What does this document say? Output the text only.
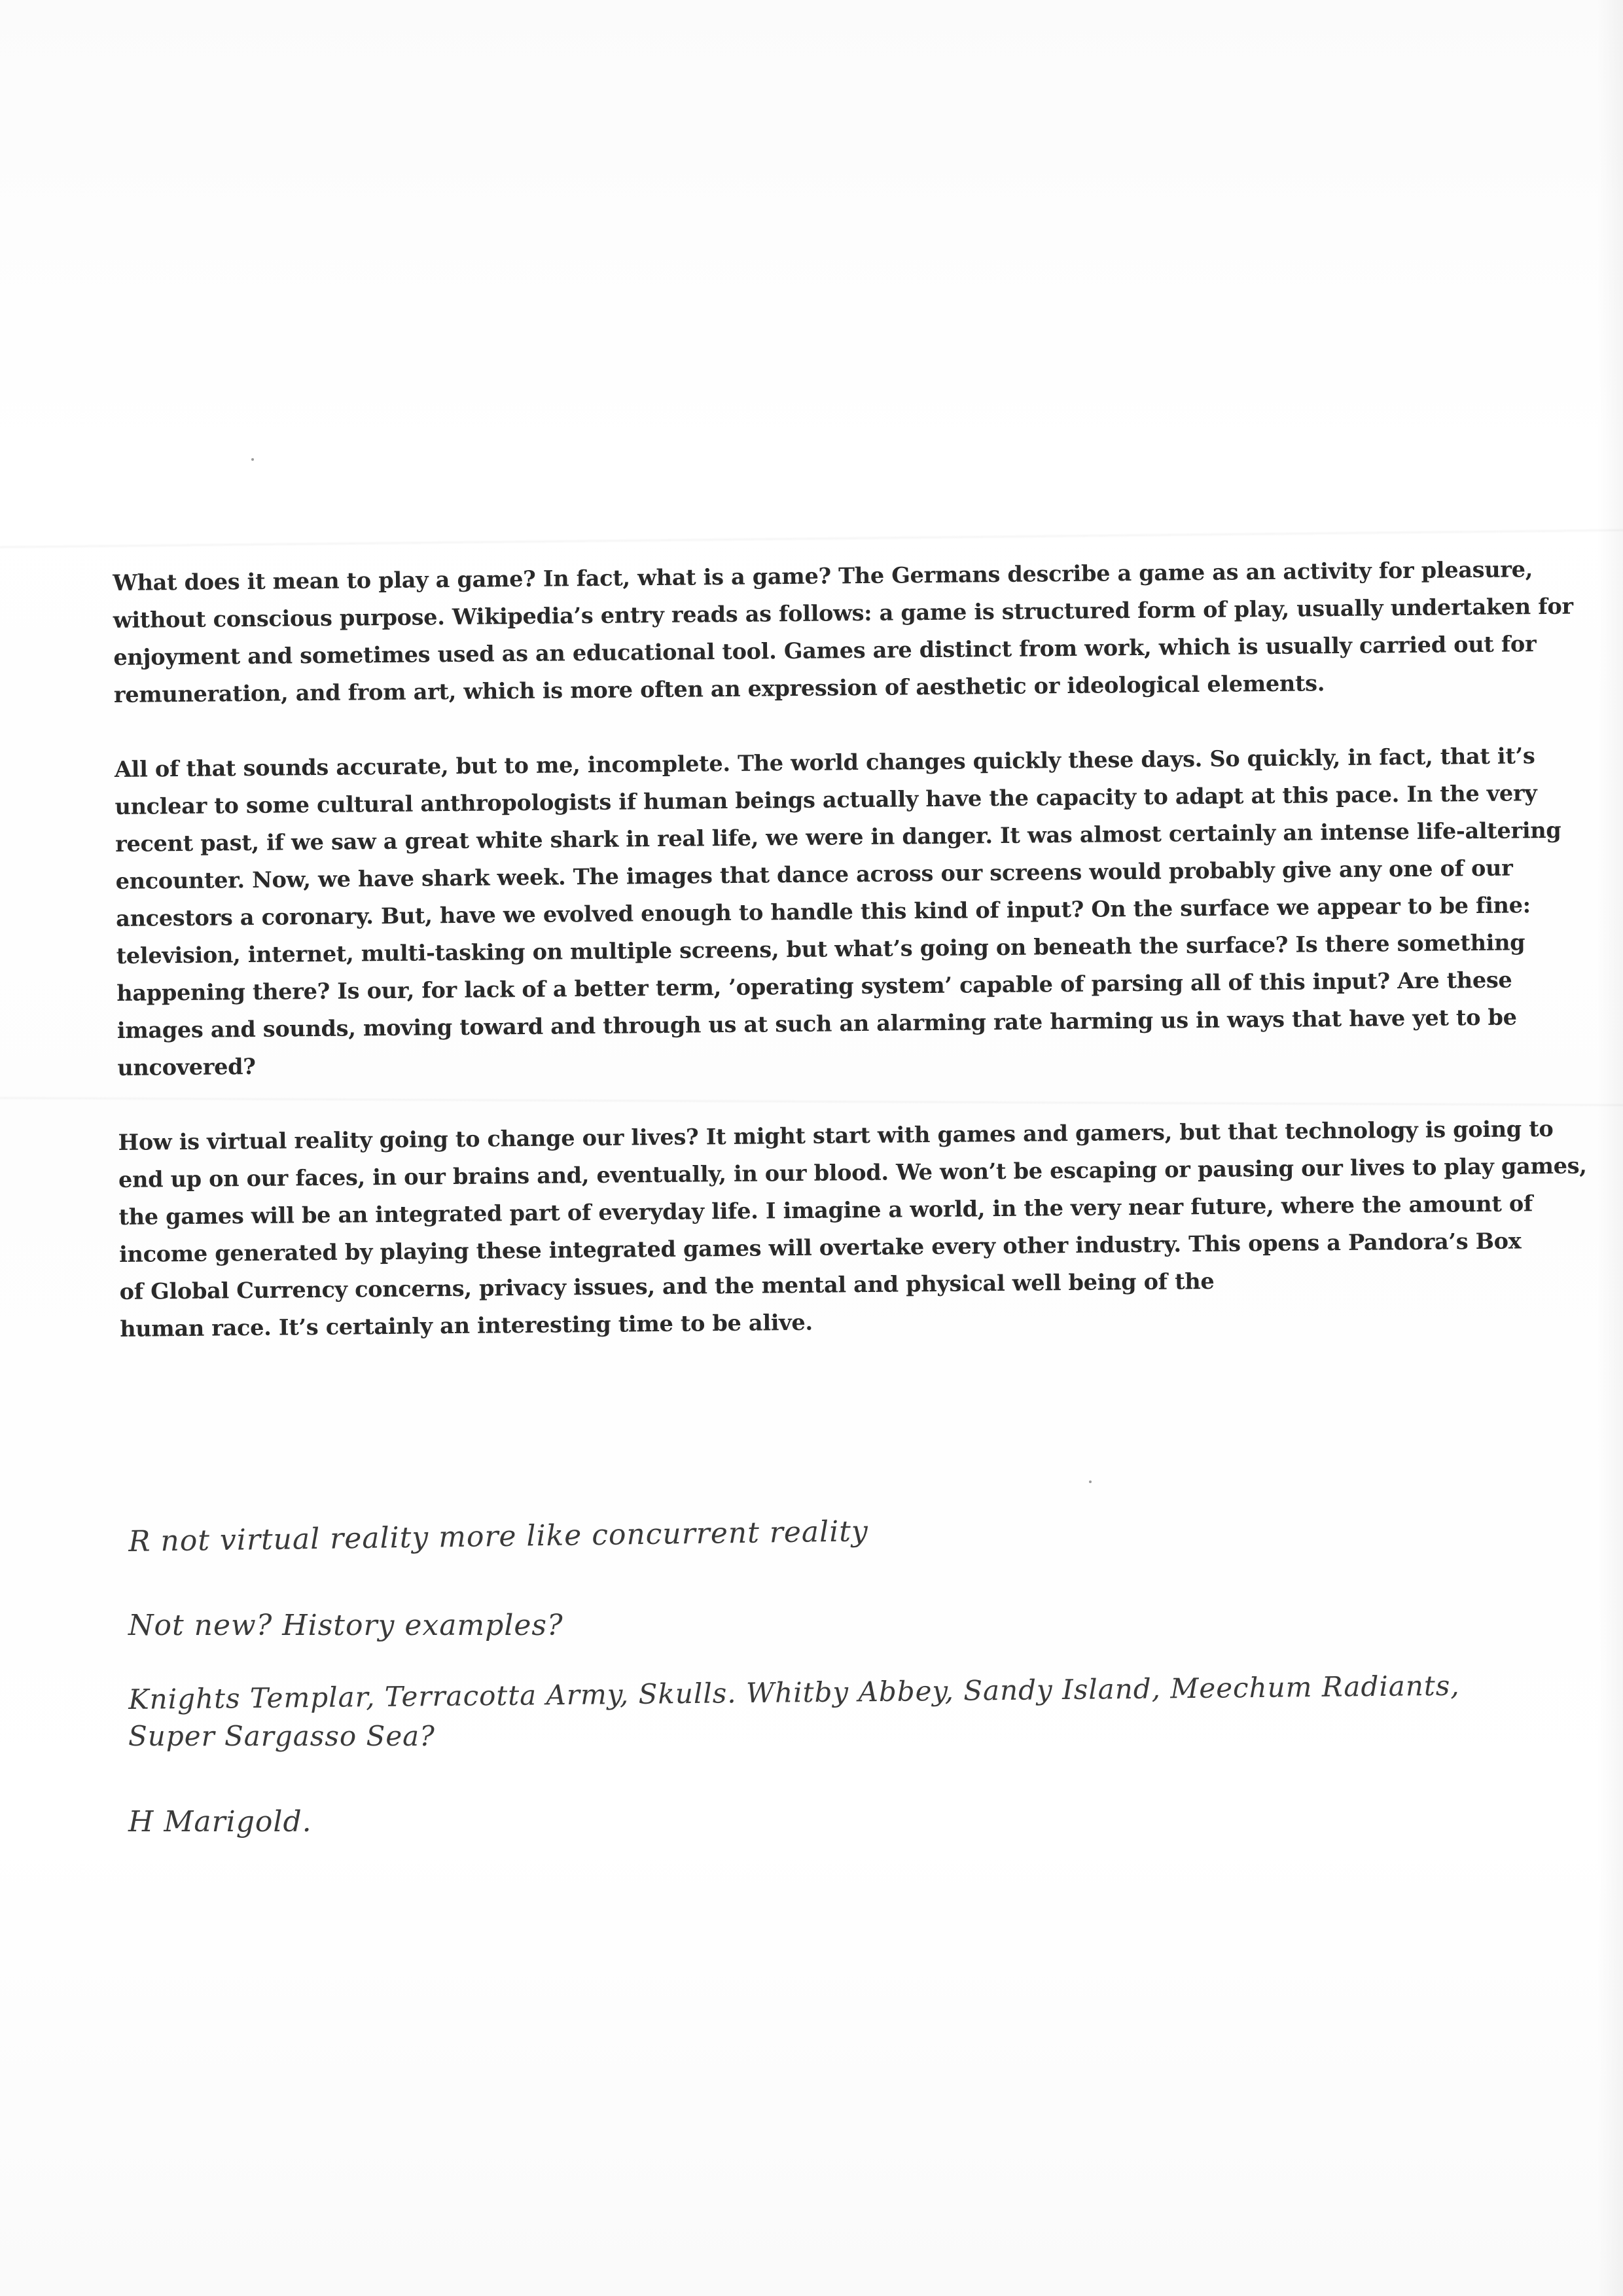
What does it mean to play a game? In fact, what is a game? The Germans describe a game as an activity for pleasure,
without conscious purpose. Wikipedia’s entry reads as follows: a game is structured form of play, usually undertaken for
enjoyment and sometimes used as an educational tool. Games are distinct from work, which is usually carried out for
remuneration, and from art, which is more often an expression of aesthetic or ideological elements.
All of that sounds accurate, but to me, incomplete. The world changes quickly these days. So quickly, in fact, that it’s
unclear to some cultural anthropologists if human beings actually have the capacity to adapt at this pace. In the very
recent past, if we saw a great white shark in real life, we were in danger. It was almost certainly an intense life‐altering
encounter. Now, we have shark week. The images that dance across our screens would probably give any one of our
ancestors a coronary. But, have we evolved enough to handle this kind of input? On the surface we appear to be fine:
television, internet, multi‐tasking on multiple screens, but what’s going on beneath the surface? Is there something
happening there? Is our, for lack of a better term, ’operating system’ capable of parsing all of this input? Are these
images and sounds, moving toward and through us at such an alarming rate harming us in ways that have yet to be
uncovered?
How is virtual reality going to change our lives? It might start with games and gamers, but that technology is going to
end up on our faces, in our brains and, eventually, in our blood. We won’t be escaping or pausing our lives to play games,
the games will be an integrated part of everyday life. I imagine a world, in the very near future, where the amount of
income generated by playing these integrated games will overtake every other industry. This opens a Pandora’s Box
of Global Currency concerns, privacy issues, and the mental and physical well being of the
human race. It’s certainly an interesting time to be alive.
R not virtual reality more like concurrent reality
Not new? History examples?
Knights Templar, Terracotta Army, Skulls. Whitby Abbey, Sandy Island, Meechum Radiants,
Super Sargasso Sea?
H Marigold.
